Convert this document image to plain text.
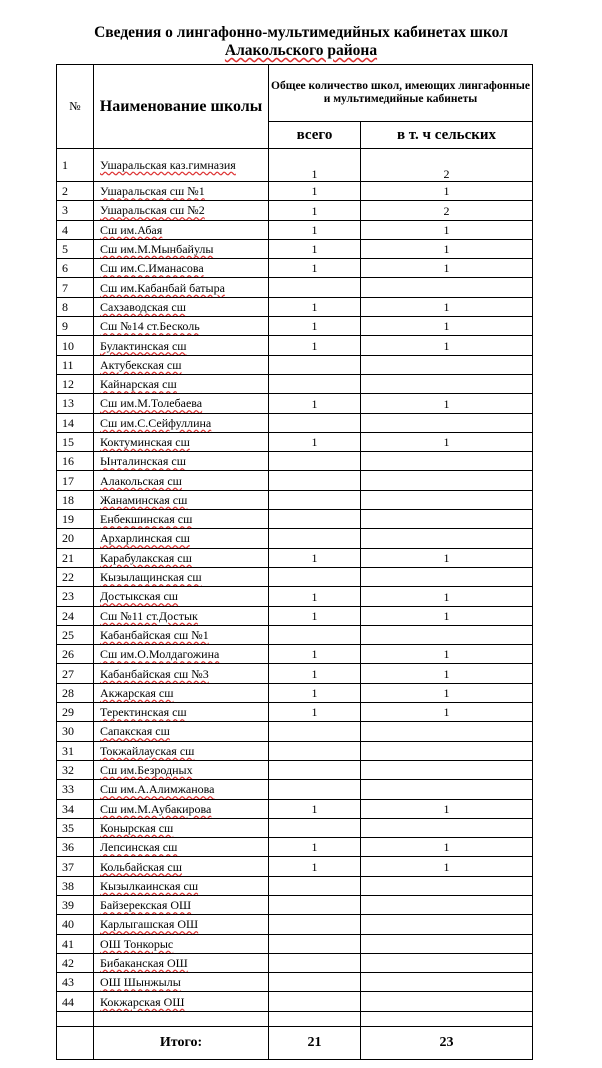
Сведения о лингафонно-мультимедийных кабинетах школ
Алакольского района
№	Наименование школы	Общее количество школ, имеющих лингафонные и мультимедийные кабинеты	
		всего	в т. ч сельских
1	Ушаральская каз.гимназия	1	2
2	Ушаральская сш №1	1	1
3	Ушаральская сш №2	1	2
4	Сш им.Абая	1	1
5	Сш им.М.Мынбайулы	1	1
6	Сш им.С.Иманасова	1	1
7	Сш им.Кабанбай батыра		
8	Сахзаводская сш	1	1
9	Сш №14 ст.Бесколь	1	1
10	Булактинская сш	1	1
11	Актубекская сш		
12	Кайнарская сш		
13	Сш им.М.Толебаева	1	1
14	Сш им.С.Сейфуллина		
15	Коктуминская сш	1	1
16	Ынталинская сш		
17	Алакольская сш		
18	Жанаминская сш		
19	Енбекшинская сш		
20	Архарлинская сш		
21	Карабулакская сш	1	1
22	Кызылащинская сш		
23	Достыкская сш	1	1
24	Сш №11 ст.Достык	1	1
25	Кабанбайская сш №1		
26	Сш им.О.Молдагожина	1	1
27	Кабанбайская сш №3	1	1
28	Акжарская сш	1	1
29	Теректинская сш	1	1
30	Сапакская сш		
31	Токжайлауская сш		
32	Сш им.Безродных		
33	Сш им.А.Алимжанова		
34	Сш им.М.Аубакирова	1	1
35	Конырская сш		
36	Лепсинская сш	1	1
37	Кольбайская сш	1	1
38	Кызылкаинская сш		
39	Байзерекская ОШ		
40	Карлыгашская ОШ		
41	ОШ Тонкорыс		
42	Бибаканская ОШ		
43	ОШ Шынжылы		
44	Кокжарская ОШ		

	Итого:	21	23
